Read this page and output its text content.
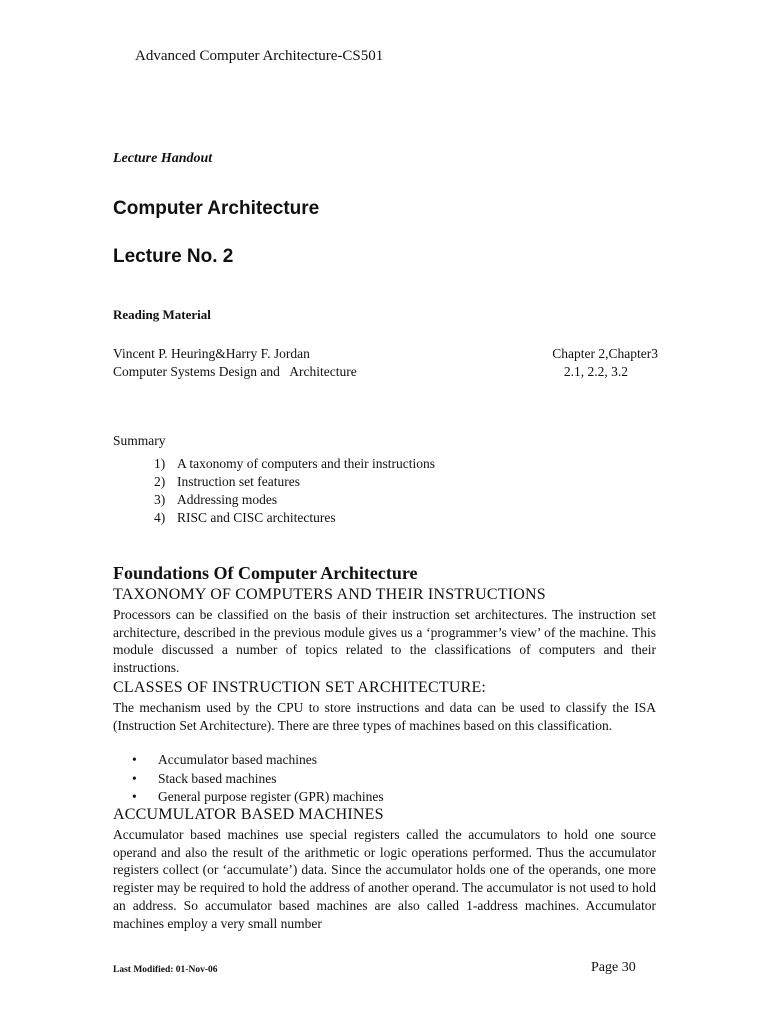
Advanced Computer Architecture-CS501
Lecture Handout
Computer Architecture
Lecture No. 2
Reading Material
Vincent P. Heuring&Harry F. Jordan	Chapter 2,Chapter3
Computer Systems Design and   Architecture	2.1, 2.2, 3.2
Summary
1) A taxonomy of computers and their instructions
2) Instruction set features
3) Addressing modes
4) RISC and CISC architectures
Foundations Of Computer Architecture
TAXONOMY OF COMPUTERS AND THEIR INSTRUCTIONS

Processors can be classified on the basis of their instruction set architectures. The instruction set architecture, described in the previous module gives us a ‘programmer’s view’ of the machine. This module discussed a number of topics related to the classifications of computers and their instructions.

CLASSES OF INSTRUCTION SET ARCHITECTURE:

The mechanism used by the CPU to store instructions and data can be used to classify the ISA (Instruction Set Architecture). There are three types of machines based on this classification.

• Accumulator based machines
• Stack based machines
• General purpose register (GPR) machines
ACCUMULATOR BASED MACHINES

Accumulator based machines use special registers called the accumulators to hold one source operand and also the result of the arithmetic or logic operations performed. Thus the accumulator registers collect (or ‘accumulate’) data. Since the accumulator holds one of the operands, one more register may be required to hold the address of another operand. The accumulator is not used to hold an address. So accumulator based machines are also called 1-address machines. Accumulator machines employ a very small number

Last Modified: 01-Nov-06	Page 30
